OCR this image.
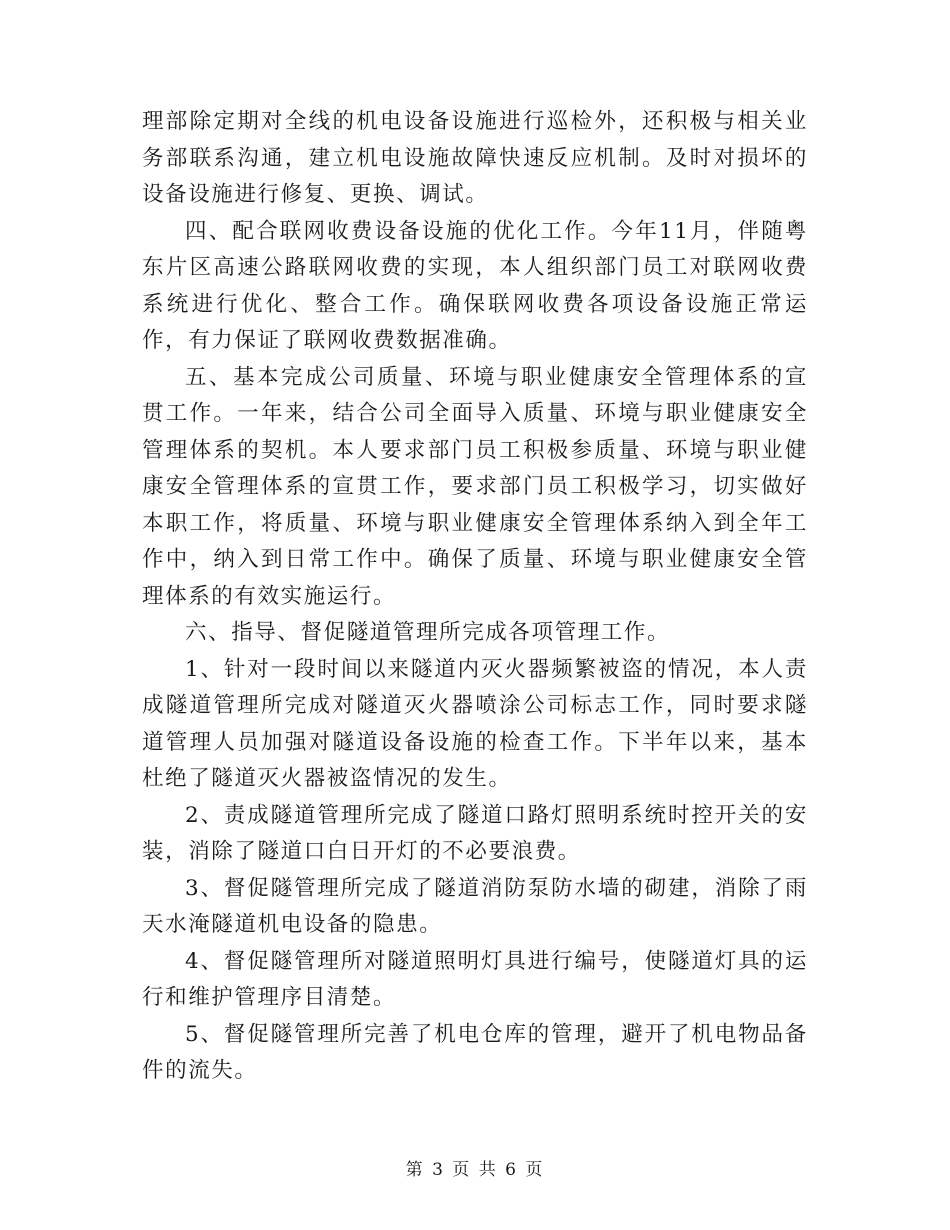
理部除定期对全线的机电设备设施进行巡检外，还积极与相关业务部联系沟通，建立机电设施故障快速反应机制。及时对损坏的设备设施进行修复、更换、调试。

四、配合联网收费设备设施的优化工作。今年11月，伴随粤东片区高速公路联网收费的实现，本人组织部门员工对联网收费系统进行优化、整合工作。确保联网收费各项设备设施正常运作，有力保证了联网收费数据准确。

五、基本完成公司质量、环境与职业健康安全管理体系的宣贯工作。一年来，结合公司全面导入质量、环境与职业健康安全管理体系的契机。本人要求部门员工积极参质量、环境与职业健康安全管理体系的宣贯工作，要求部门员工积极学习，切实做好本职工作，将质量、环境与职业健康安全管理体系纳入到全年工作中，纳入到日常工作中。确保了质量、环境与职业健康安全管理体系的有效实施运行。

六、指导、督促隧道管理所完成各项管理工作。

1、针对一段时间以来隧道内灭火器频繁被盗的情况，本人责成隧道管理所完成对隧道灭火器喷涂公司标志工作，同时要求隧道管理人员加强对隧道设备设施的检查工作。下半年以来，基本杜绝了隧道灭火器被盗情况的发生。

2、责成隧道管理所完成了隧道口路灯照明系统时控开关的安装，消除了隧道口白日开灯的不必要浪费。

3、督促隧管理所完成了隧道消防泵防水墙的砌建，消除了雨天水淹隧道机电设备的隐患。

4、督促隧管理所对隧道照明灯具进行编号，使隧道灯具的运行和维护管理序目清楚。

5、督促隧管理所完善了机电仓库的管理，避开了机电物品备件的流失。

第 3 页 共 6 页
